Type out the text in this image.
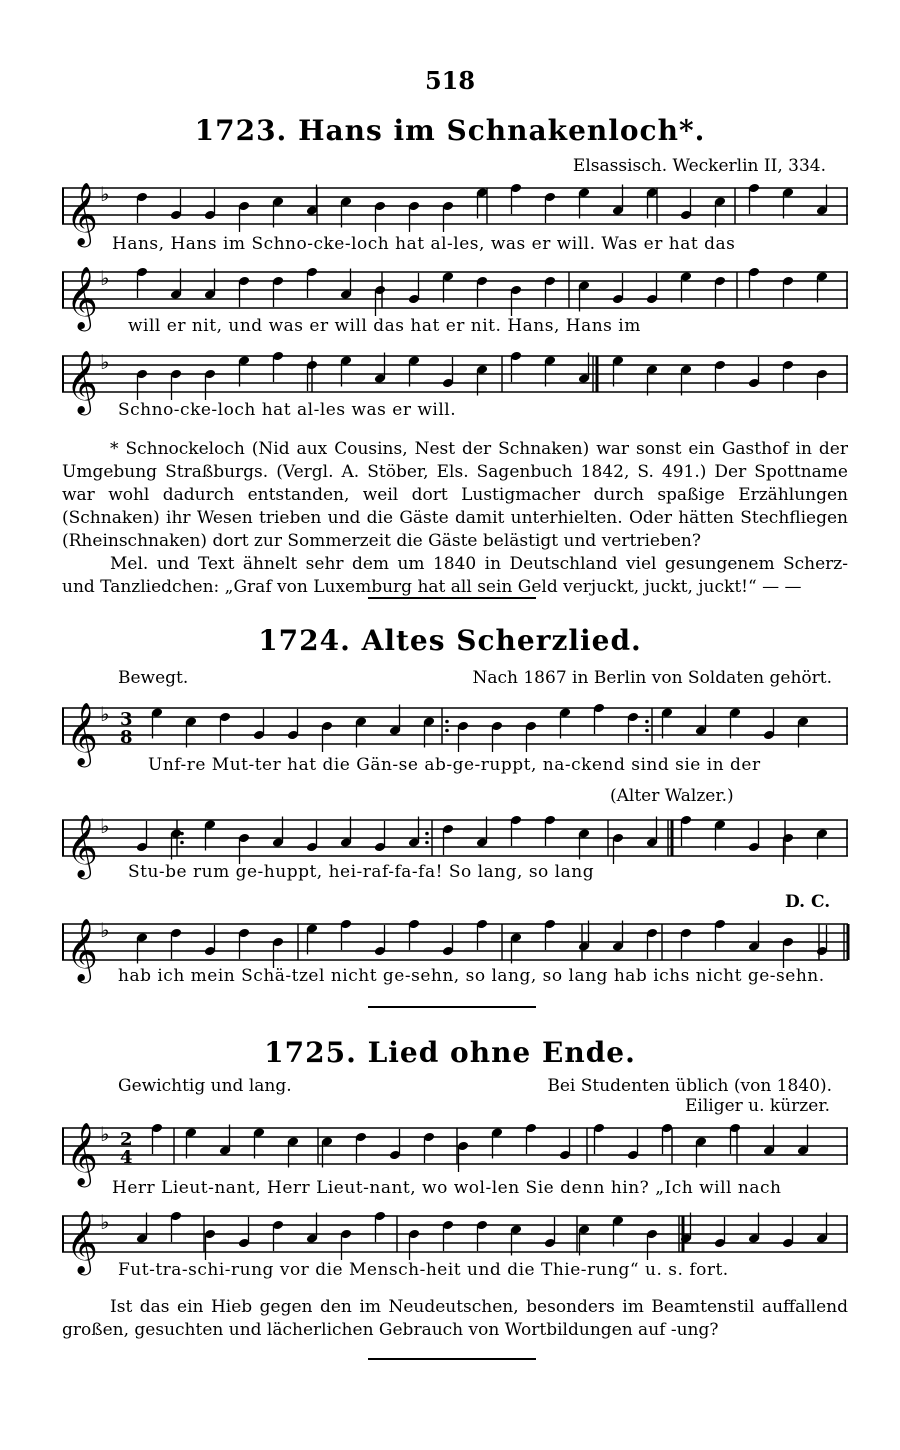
518
1723. Hans im Schnakenloch*.
Elsassisch. Weckerlin II, 334.
𝄞 ♭
Hans, Hans im Schno-cke-loch hat al-les, was er will. Was er hat das
𝄞 ♭
will er nit, und was er will das hat er nit. Hans, Hans im
𝄞 ♭
Schno-cke-loch hat al-les was er will.
* Schnockeloch (Nid aux Cousins, Nest der Schnaken) war sonst ein Gasthof in der Umgebung Straßburgs. (Vergl. A. Stöber, Els. Sagenbuch 1842, S. 491.) Der Spottname war wohl dadurch entstanden, weil dort Lustigmacher durch spaßige Erzählungen (Schnaken) ihr Wesen trieben und die Gäste damit unterhielten. Oder hätten Stechfliegen (Rheinschnaken) dort zur Sommerzeit die Gäste belästigt und vertrieben?
Mel. und Text ähnelt sehr dem um 1840 in Deutschland viel gesungenem Scherz- und Tanzliedchen: „Graf von Luxemburg hat all sein Geld verjuckt, juckt, juckt!“ — —
1724. Altes Scherzlied.
Bewegt.	Nach 1867 in Berlin von Soldaten gehört.
𝄞 ♭ 3
8
Unf-re Mut-ter hat die Gän-se ab-ge-ruppt, na-ckend sind sie in der
(Alter Walzer.)
𝄞 ♭
Stu-be rum ge-huppt, hei-raf-fa-fa! So lang, so lang
D. C.
𝄞 ♭
hab ich mein Schä-tzel nicht ge-sehn, so lang, so lang hab ichs nicht ge-sehn.
1725. Lied ohne Ende.
Gewichtig und lang.	Bei Studenten üblich (von 1840).
Eiliger u. kürzer.
𝄞 ♭ 2
4
Herr Lieut-nant, Herr Lieut-nant, wo wol-len Sie denn hin? „Ich will nach
𝄞 ♭
Fut-tra-schi-rung vor die Mensch-heit und die Thie-rung“ u. s. fort.
Ist das ein Hieb gegen den im Neudeutschen, besonders im Beamtenstil auffallend großen, gesuchten und lächerlichen Gebrauch von Wortbildungen auf -ung?
